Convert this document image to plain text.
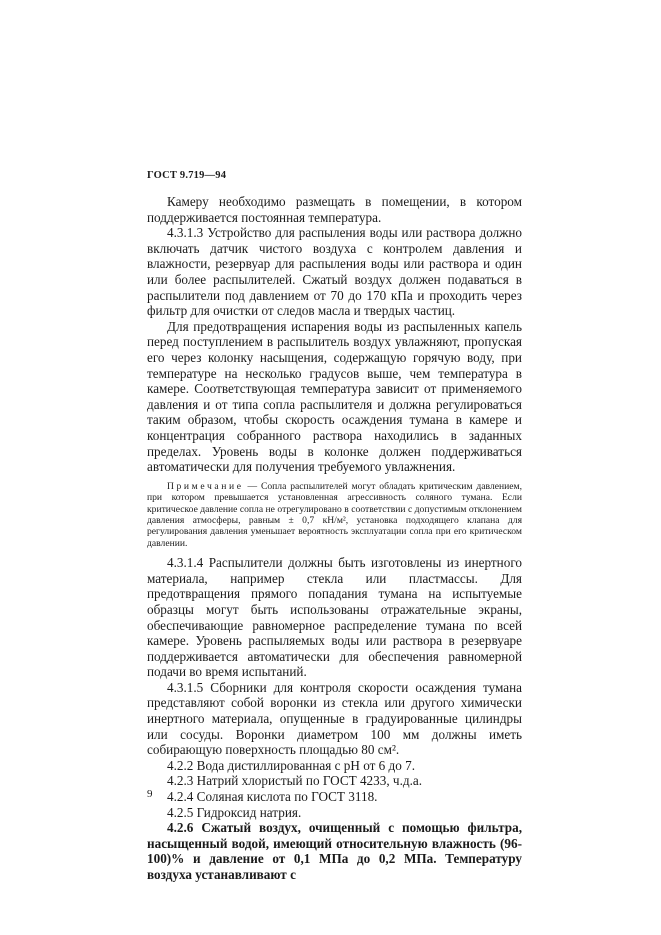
ГОСТ 9.719—94

Камеру необходимо размещать в помещении, в котором поддерживается постоянная температура.

4.3.1.3 Устройство для распыления воды или раствора должно включать датчик чистого воздуха с контролем давления и влажности, резервуар для распыления воды или раствора и один или более распылителей. Сжатый воздух должен подаваться в распылители под давлением от 70 до 170 кПа и проходить через фильтр для очистки от следов масла и твердых частиц.

Для предотвращения испарения воды из распыленных капель перед поступлением в распылитель воздух увлажняют, пропуская его через колонку насыщения, содержащую горячую воду, при температуре на несколько градусов выше, чем температура в камере. Соответствующая температура зависит от применяемого давления и от типа сопла распылителя и должна регулироваться таким образом, чтобы скорость осаждения тумана в камере и концентрация собранного раствора находились в заданных пределах. Уровень воды в колонке должен поддерживаться автоматически для получения требуемого увлажнения.

Примечание — Сопла распылителей могут обладать критическим давлением, при котором превышается установленная агрессивность соляного тумана. Если критическое давление сопла не отрегулировано в соответствии с допустимым отклонением давления атмосферы, равным ± 0,7 кН/м², установка подходящего клапана для регулирования давления уменьшает вероятность эксплуатации сопла при его критическом давлении.

4.3.1.4 Распылители должны быть изготовлены из инертного материала, например стекла или пластмассы. Для предотвращения прямого попадания тумана на испытуемые образцы могут быть использованы отражательные экраны, обеспечивающие равномерное распределение тумана по всей камере. Уровень распыляемых воды или раствора в резервуаре поддерживается автоматически для обеспечения равномерной подачи во время испытаний.

4.3.1.5 Сборники для контроля скорости осаждения тумана представляют собой воронки из стекла или другого химически инертного материала, опущенные в градуированные цилиндры или сосуды. Воронки диаметром 100 мм должны иметь собирающую поверхность площадью 80 см².

4.2.2 Вода дистиллированная с рН от 6 до 7.

4.2.3 Натрий хлористый по ГОСТ 4233, ч.д.а.

4.2.4 Соляная кислота по ГОСТ 3118.

4.2.5 Гидроксид натрия.

4.2.6 Сжатый воздух, очищенный с помощью фильтра, насыщенный водой, имеющий относительную влажность (96-100)% и давление от 0,1 МПа до 0,2 МПа. Температуру воздуха устанавливают с

9
